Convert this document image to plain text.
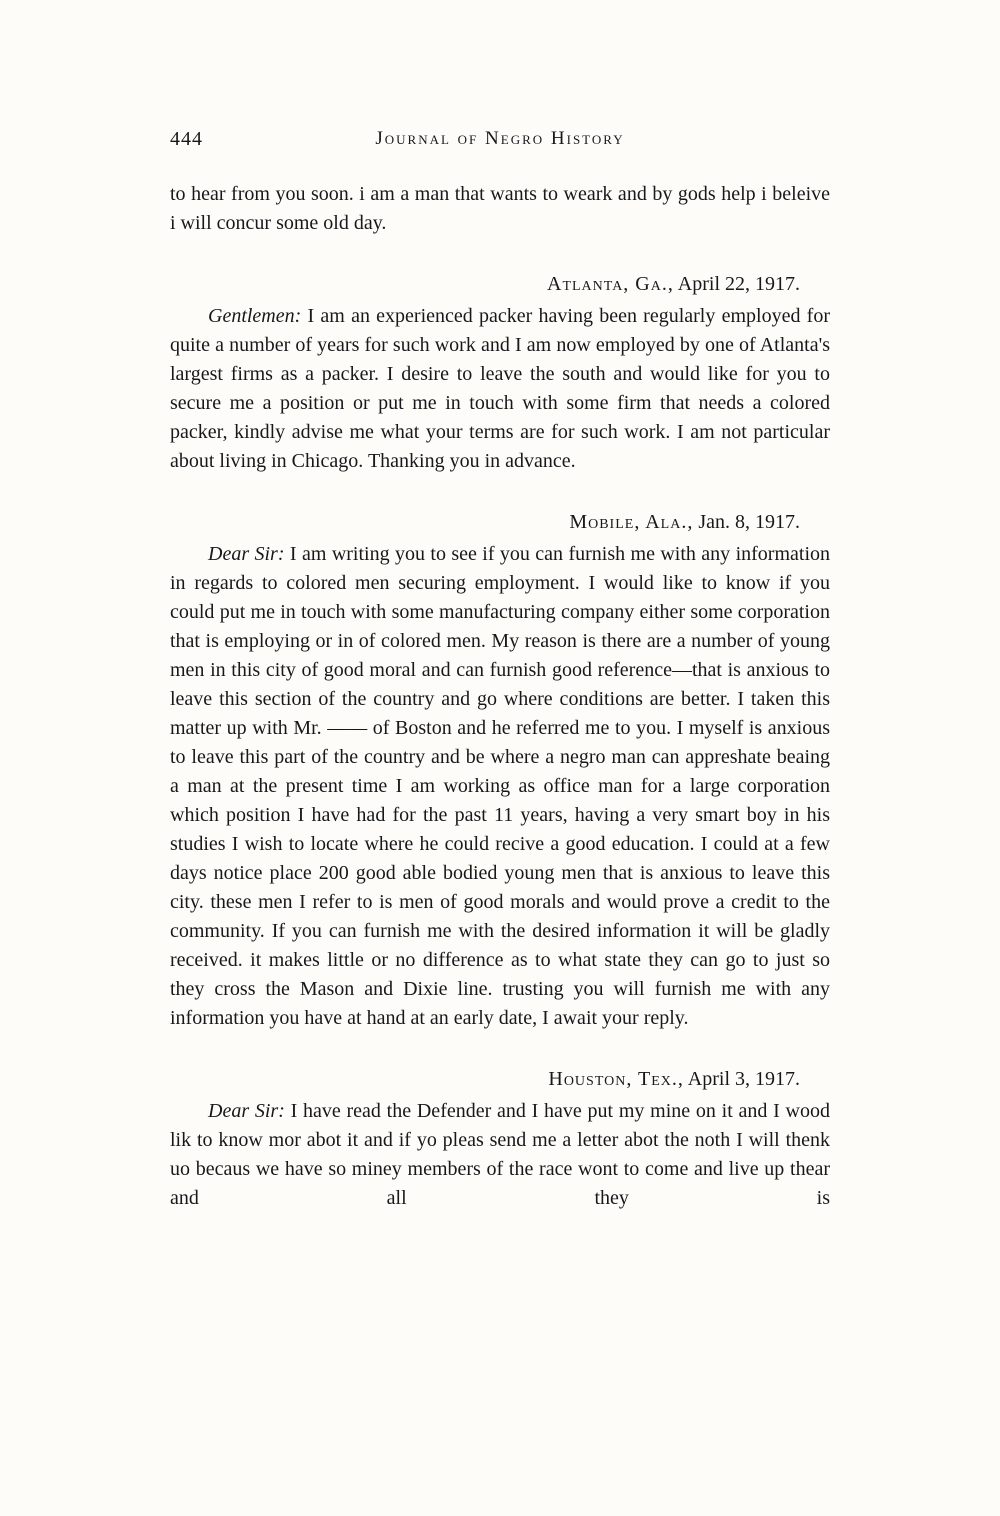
444	Journal of Negro History

to hear from you soon. i am a man that wants to weark and by gods help i beleive i will concur some old day.

Atlanta, Ga., April 22, 1917.

Gentlemen: I am an experienced packer having been regularly employed for quite a number of years for such work and I am now employed by one of Atlanta's largest firms as a packer. I desire to leave the south and would like for you to secure me a position or put me in touch with some firm that needs a colored packer, kindly advise me what your terms are for such work. I am not particular about living in Chicago. Thanking you in advance.

Mobile, Ala., Jan. 8, 1917.

Dear Sir: I am writing you to see if you can furnish me with any information in regards to colored men securing employment. I would like to know if you could put me in touch with some manufacturing company either some corporation that is employing or in of colored men. My reason is there are a number of young men in this city of good moral and can furnish good reference—that is anxious to leave this section of the country and go where conditions are better. I taken this matter up with Mr. —— of Boston and he referred me to you. I myself is anxious to leave this part of the country and be where a negro man can appreshate beaing a man at the present time I am working as office man for a large corporation which position I have had for the past 11 years, having a very smart boy in his studies I wish to locate where he could recive a good education. I could at a few days notice place 200 good able bodied young men that is anxious to leave this city. these men I refer to is men of good morals and would prove a credit to the community. If you can furnish me with the desired information it will be gladly received. it makes little or no difference as to what state they can go to just so they cross the Mason and Dixie line. trusting you will furnish me with any information you have at hand at an early date, I await your reply.

Houston, Tex., April 3, 1917.

Dear Sir: I have read the Defender and I have put my mine on it and I wood lik to know mor abot it and if yo pleas send me a letter abot the noth I will thenk uo becaus we have so miney members of the race wont to come and live up thear and all they is
